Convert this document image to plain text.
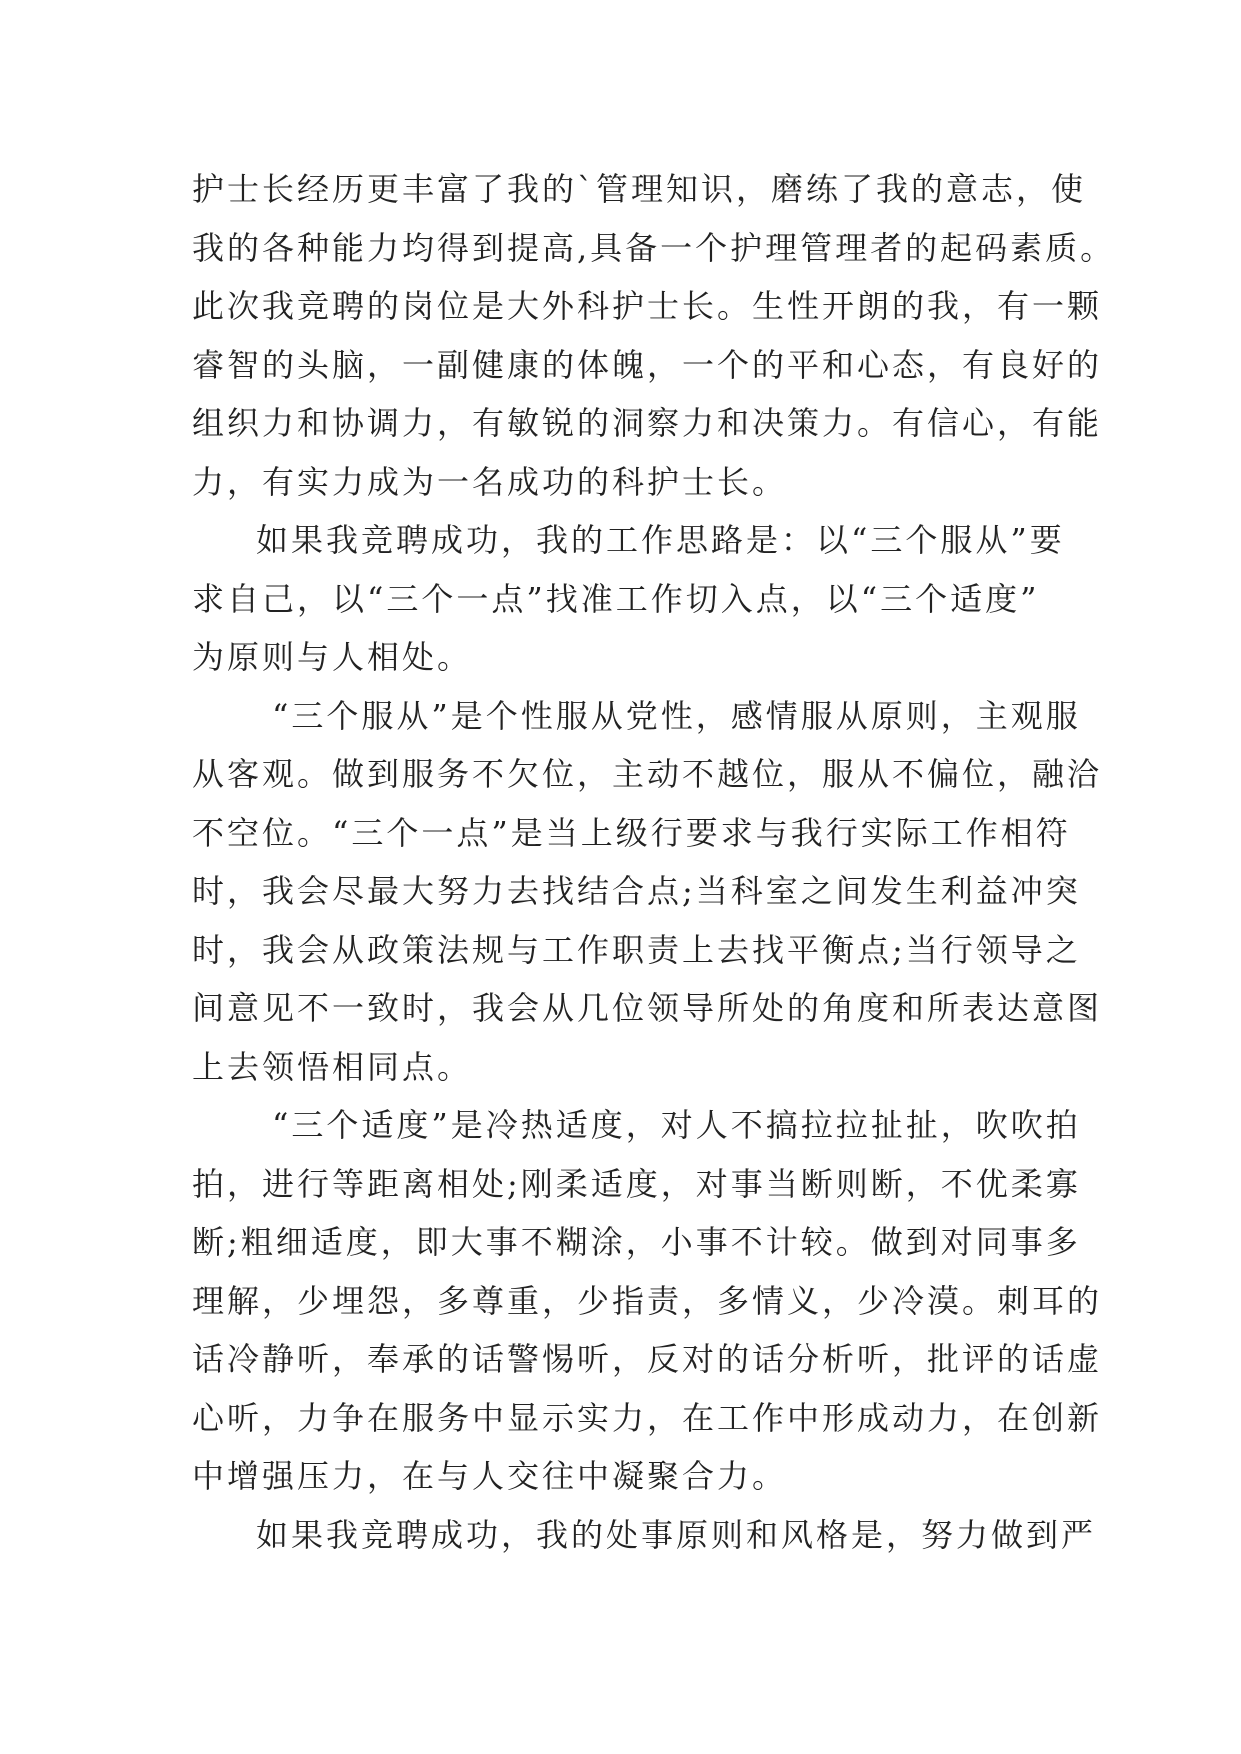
护士长经历更丰富了我的`管理知识，磨练了我的意志，使
我的各种能力均得到提高,具备一个护理管理者的起码素质。
此次我竞聘的岗位是大外科护士长。生性开朗的我，有一颗
睿智的头脑，一副健康的体魄，一个的平和心态，有良好的
组织力和协调力，有敏锐的洞察力和决策力。有信心，有能
力，有实力成为一名成功的科护士长。
如果我竞聘成功，我的工作思路是：以“三个服从”要
求自己，以“三个一点”找准工作切入点，以“三个适度”
为原则与人相处。
“三个服从”是个性服从党性，感情服从原则，主观服
从客观。做到服务不欠位，主动不越位，服从不偏位，融洽
不空位。“三个一点”是当上级行要求与我行实际工作相符
时，我会尽最大努力去找结合点;当科室之间发生利益冲突
时，我会从政策法规与工作职责上去找平衡点;当行领导之
间意见不一致时，我会从几位领导所处的角度和所表达意图
上去领悟相同点。
“三个适度”是冷热适度，对人不搞拉拉扯扯，吹吹拍
拍，进行等距离相处;刚柔适度，对事当断则断，不优柔寡
断;粗细适度，即大事不糊涂，小事不计较。做到对同事多
理解，少埋怨，多尊重，少指责，多情义，少冷漠。刺耳的
话冷静听，奉承的话警惕听，反对的话分析听，批评的话虚
心听，力争在服务中显示实力，在工作中形成动力，在创新
中增强压力，在与人交往中凝聚合力。
如果我竞聘成功，我的处事原则和风格是，努力做到严
